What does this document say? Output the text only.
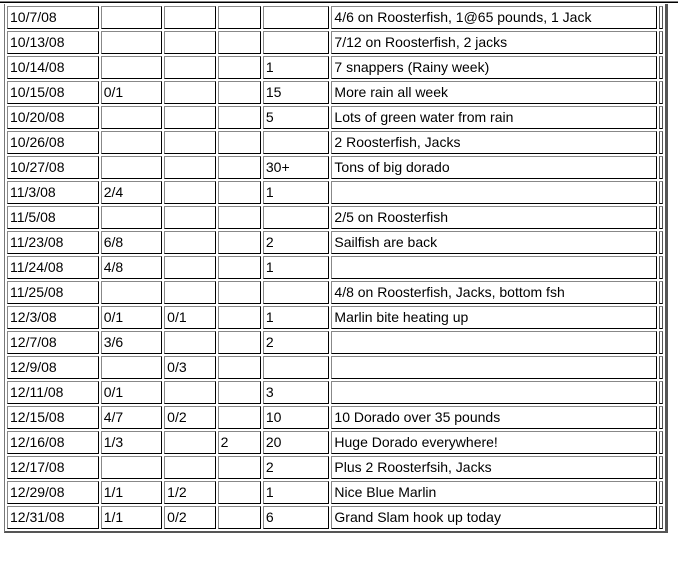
10/7/08					4/6 on Roosterfish, 1@65 pounds, 1 Jack	
10/13/08					7/12 on Roosterfish, 2 jacks	
10/14/08				1	7 snappers (Rainy week)	
10/15/08	0/1			15	More rain all week	
10/20/08				5	Lots of green water from rain	
10/26/08					2 Roosterfish, Jacks	
10/27/08				30+	Tons of big dorado	
11/3/08	2/4			1		
11/5/08					2/5 on Roosterfish	
11/23/08	6/8			2	Sailfish are back	
11/24/08	4/8			1		
11/25/08					4/8 on Roosterfish, Jacks, bottom fsh	
12/3/08	0/1	0/1		1	Marlin bite heating up	
12/7/08	3/6			2		
12/9/08		0/3				
12/11/08	0/1			3		
12/15/08	4/7	0/2		10	10 Dorado over 35 pounds	
12/16/08	1/3		2	20	Huge Dorado everywhere!	
12/17/08				2	Plus 2 Roosterfsih, Jacks	
12/29/08	1/1	1/2		1	Nice Blue Marlin	
12/31/08	1/1	0/2		6	Grand Slam hook up today	
